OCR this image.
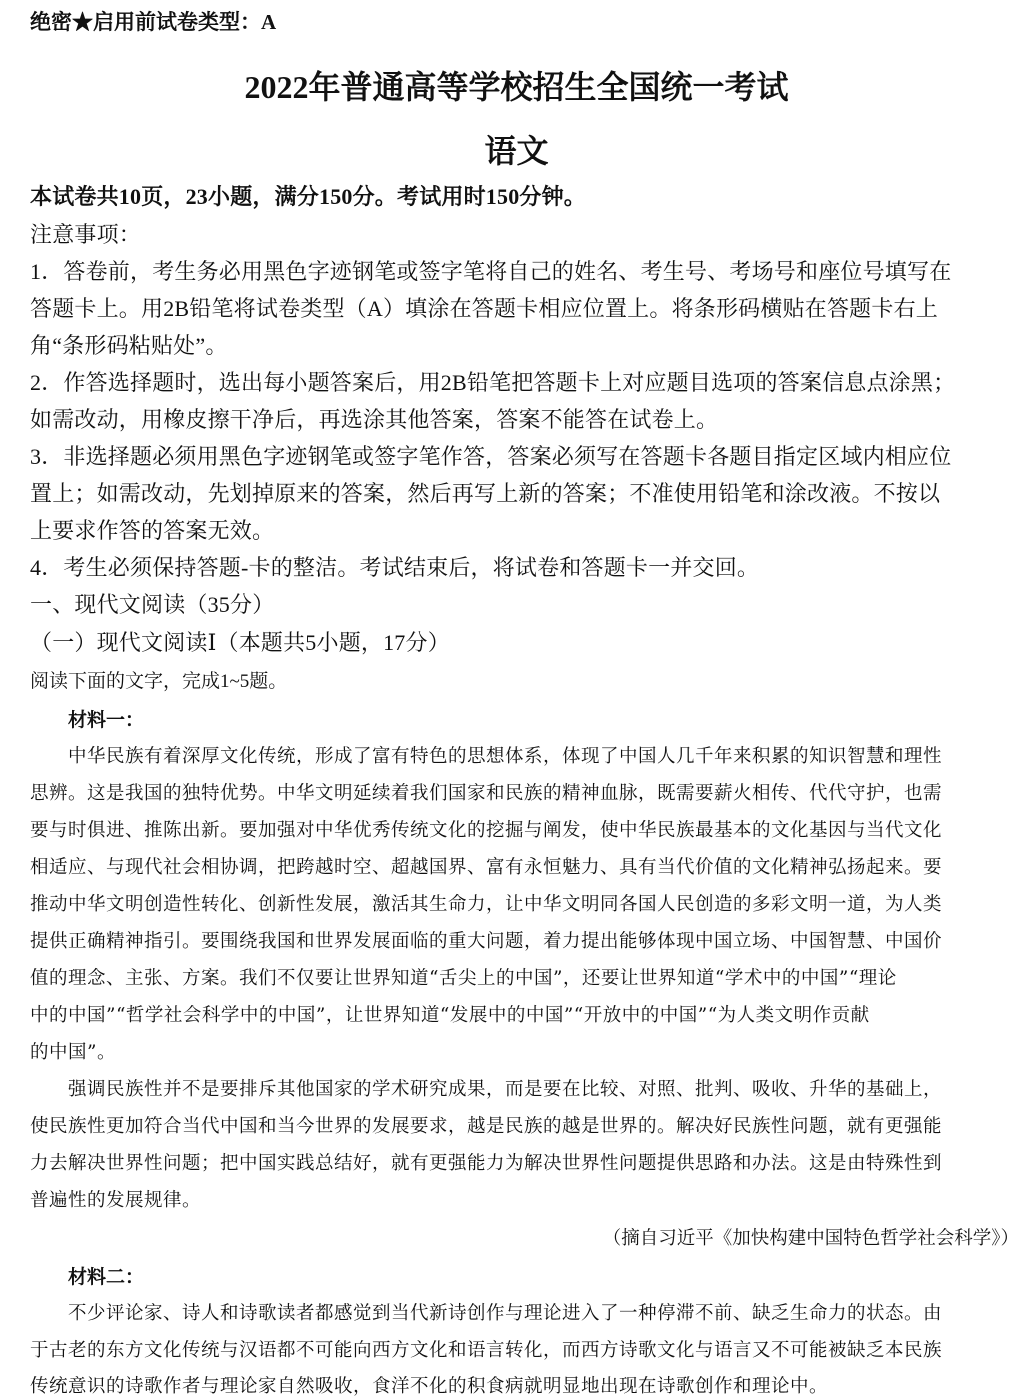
绝密★启用前试卷类型：A
2022年普通高等学校招生全国统一考试
语文
本试卷共10页，23小题，满分150分。考试用时150分钟。
注意事项：
1．答卷前，考生务必用黑色字迹钢笔或签字笔将自己的姓名、考生号、考场号和座位号填写在
答题卡上。用2B铅笔将试卷类型（A）填涂在答题卡相应位置上。将条形码横贴在答题卡右上
角“条形码粘贴处”。
2．作答选择题时，选出每小题答案后，用2B铅笔把答题卡上对应题目选项的答案信息点涂黑；
如需改动，用橡皮擦干净后，再选涂其他答案，答案不能答在试卷上。
3．非选择题必须用黑色字迹钢笔或签字笔作答，答案必须写在答题卡各题目指定区域内相应位
置上；如需改动，先划掉原来的答案，然后再写上新的答案；不准使用铅笔和涂改液。不按以
上要求作答的答案无效。
4．考生必须保持答题-卡的整洁。考试结束后，将试卷和答题卡一并交回。
一、现代文阅读（35分）
（一）现代文阅读Ⅰ（本题共5小题，17分）
阅读下面的文字，完成1~5题。
材料一：
　　中华民族有着深厚文化传统，形成了富有特色的思想体系，体现了中国人几千年来积累的知识智慧和理性
思辨。这是我国的独特优势。中华文明延续着我们国家和民族的精神血脉，既需要薪火相传、代代守护，也需
要与时俱进、推陈出新。要加强对中华优秀传统文化的挖掘与阐发，使中华民族最基本的文化基因与当代文化
相适应、与现代社会相协调，把跨越时空、超越国界、富有永恒魅力、具有当代价值的文化精神弘扬起来。要
推动中华文明创造性转化、创新性发展，激活其生命力，让中华文明同各国人民创造的多彩文明一道，为人类
提供正确精神指引。要围绕我国和世界发展面临的重大问题，着力提出能够体现中国立场、中国智慧、中国价
值的理念、主张、方案。我们不仅要让世界知道“舌尖上的中国”，还要让世界知道“学术中的中国”“理论
中的中国”“哲学社会科学中的中国”，让世界知道“发展中的中国”“开放中的中国”“为人类文明作贡献
的中国”。
　　强调民族性并不是要排斥其他国家的学术研究成果，而是要在比较、对照、批判、吸收、升华的基础上，
使民族性更加符合当代中国和当今世界的发展要求，越是民族的越是世界的。解决好民族性问题，就有更强能
力去解决世界性问题；把中国实践总结好，就有更强能力为解决世界性问题提供思路和办法。这是由特殊性到
普遍性的发展规律。
（摘自习近平《加快构建中国特色哲学社会科学》）
材料二：
　　不少评论家、诗人和诗歌读者都感觉到当代新诗创作与理论进入了一种停滞不前、缺乏生命力的状态。由
于古老的东方文化传统与汉语都不可能向西方文化和语言转化，而西方诗歌文化与语言又不可能被缺乏本民族
传统意识的诗歌作者与理论家自然吸收，食洋不化的积食病就明显地出现在诗歌创作和理论中。
